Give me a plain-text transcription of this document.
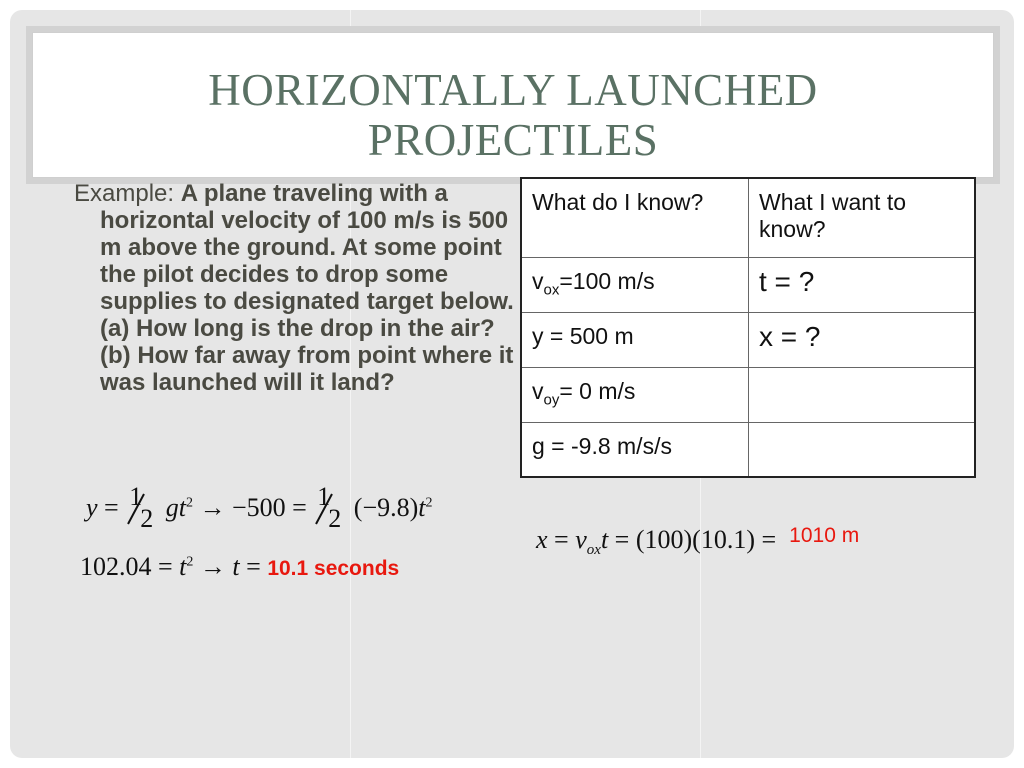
HORIZONTALLY LAUNCHED
PROJECTILES
Example: A plane traveling with a horizontal velocity of 100 m/s is 500 m above the ground. At some point the pilot decides to drop some supplies to designated target below. (a) How long is the drop in the air? (b) How far away from point where it was launched will it land?
What do I know?	What I want to know?
$v_{ox}=100$ m/s	t = ?
y = 500 m	x = ?
$v_{oy}= 0$ m/s	
g = -9.8 m/s/s	
y = 1
2 $gt^2 \to -500 = 1$
2 $(-9.8)t^2$
$102.04 = t^2 \to t = 10.1$ seconds
$x = v_{ox}t = (100)(10.1) = ^{1010 m}$
